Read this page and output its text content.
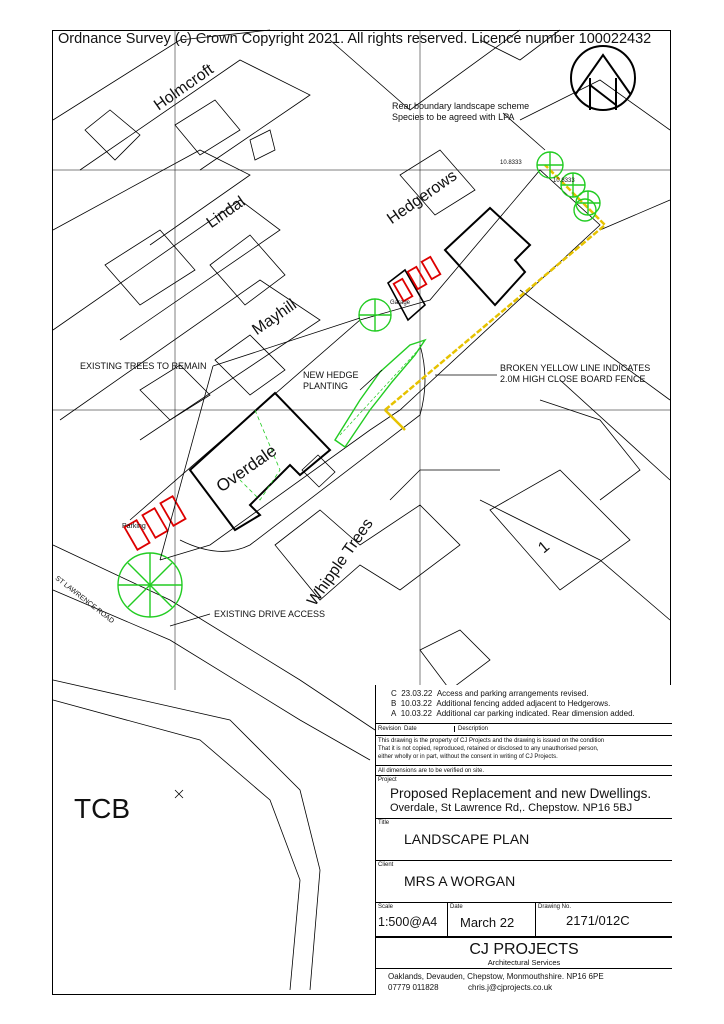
Ordnance Survey (c) Crown Copyright 2021. All rights reserved. Licence number 100022432
Holmcroft
Lindal
Mayhill
Hedgerows
Overdale
Whipple Trees	1
TCB
ST LAWRENCE ROAD
10.8333
10.8333
Garage
Parking
Rear boundary landscape scheme
Species to be agreed with LPA
EXISTING TREES TO REMAIN
NEW HEDGE
PLANTING
BROKEN YELLOW LINE INDICATES
2.0M HIGH CLOSE BOARD FENCE
EXISTING DRIVE ACCESS
C 23.03.22 Access and parking arrangements revised.
B 10.03.22 Additional fencing added adjacent to Hedgerows.
A 10.03.22 Additional car parking indicated. Rear dimension added.
Revision Date	Description
This drawing is the property of CJ Projects and the drawing is issued on the condition
That it is not copied, reproduced, retained or disclosed to any unauthorised person,
either wholly or in part, without the consent in writing of CJ Projects.
All dimensions are to be verified on site.
Project
Proposed Replacement and new Dwellings.
Overdale, St Lawrence Rd,. Chepstow. NP16 5BJ
Title
LANDSCAPE PLAN
Client
MRS A WORGAN
Scale
1:500@A4
Date
March 22
Drawing No.
2171/012C
CJ PROJECTS
Architectural Services
Oaklands, Devauden, Chepstow, Monmouthshire. NP16 6PE
07779 011828	chris.j@cjprojects.co.uk
